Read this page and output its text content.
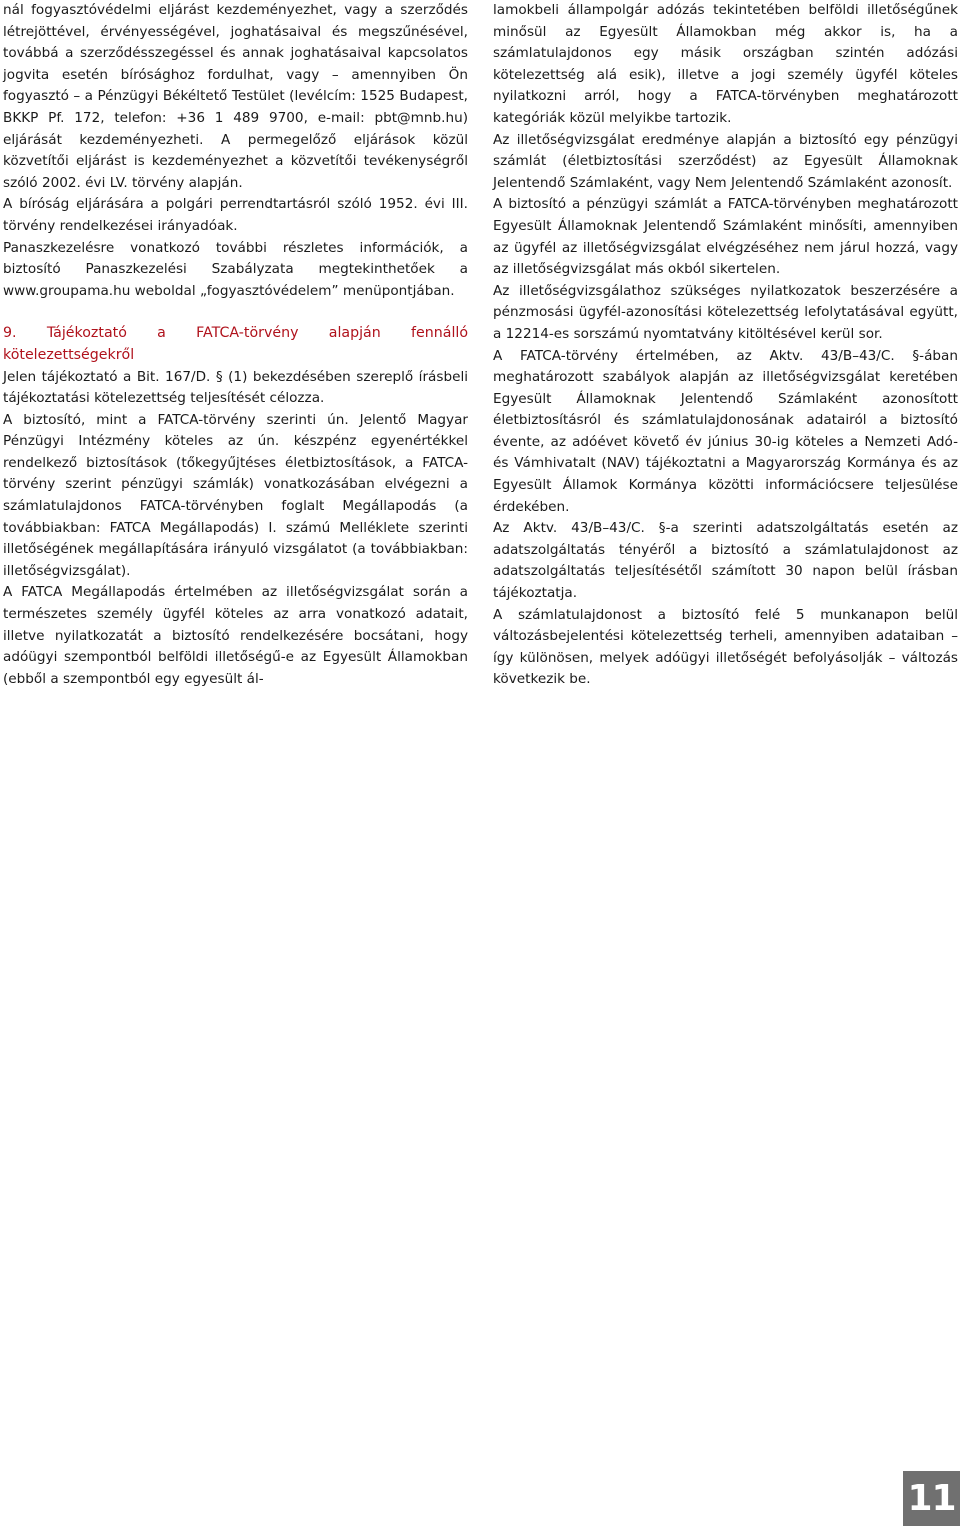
nál fogyasztóvédelmi eljárást kezdeményezhet, vagy a szerződés létrejöttével, érvényességével, joghatásaival és megszűnésével, továbbá a szerződésszegéssel és annak joghatásaival kapcsolatos jogvita esetén bírósághoz fordulhat, vagy – amennyiben Ön fogyasztó – a Pénzügyi Békéltető Testület (levélcím: 1525 Budapest, BKKP Pf. 172, telefon: +36 1 489 9700, e-mail: pbt@mnb.hu) eljárását kezdeményezheti. A permegelőző eljárások közül közvetítői eljárást is kezdeményezhet a közvetítői tevékenységről szóló 2002. évi LV. törvény alapján.

A bíróság eljárására a polgári perrendtartásról szóló 1952. évi III. törvény rendelkezései irányadóak.

Panaszkezelésre vonatkozó további részletes információk, a biztosító Panaszkezelési Szabályzata megtekinthetőek a www.groupama.hu weboldal „fogyasztóvédelem” menüpontjában.

9. Tájékoztató a FATCA-törvény alapján fennálló kötelezettségekről

Jelen tájékoztató a Bit. 167/D. § (1) bekezdésében szereplő írásbeli tájékoztatási kötelezettség teljesítését célozza.

A biztosító, mint a FATCA-törvény szerinti ún. Jelentő Magyar Pénzügyi Intézmény köteles az ún. készpénz egyenértékkel rendelkező biztosítások (tőkegyűjtéses életbiztosítások, a FATCA-törvény szerint pénzügyi számlák) vonatkozásában elvégezni a számlatulajdonos FATCA-törvényben foglalt Megállapodás (a továbbiakban: FATCA Megállapodás) I. számú Melléklete szerinti illetőségének megállapítására irányuló vizsgálatot (a továbbiakban: illetőségvizsgálat).

A FATCA Megállapodás értelmében az illetőségvizsgálat során a természetes személy ügyfél köteles az arra vonatkozó adatait, illetve nyilatkozatát a biztosító rendelkezésére bocsátani, hogy adóügyi szempontból belföldi illetőségű-e az Egyesült Államokban (ebből a szempontból egy egyesült ál-

lamokbeli állampolgár adózás tekintetében belföldi illetőségűnek minősül az Egyesült Államokban még akkor is, ha a számlatulajdonos egy másik országban szintén adózási kötelezettség alá esik), illetve a jogi személy ügyfél köteles nyilatkozni arról, hogy a FATCA-törvényben meghatározott kategóriák közül melyikbe tartozik.

Az illetőségvizsgálat eredménye alapján a biztosító egy pénzügyi számlát (életbiztosítási szerződést) az Egyesült Államoknak Jelentendő Számlaként, vagy Nem Jelentendő Számlaként azonosít.

A biztosító a pénzügyi számlát a FATCA-törvényben meghatározott Egyesült Államoknak Jelentendő Számlaként minősíti, amennyiben az ügyfél az illetőségvizsgálat elvégzéséhez nem járul hozzá, vagy az illetőségvizsgálat más okból sikertelen.

Az illetőségvizsgálathoz szükséges nyilatkozatok beszerzésére a pénzmosási ügyfél-azonosítási kötelezettség lefolytatásával együtt, a 12214-es sorszámú nyomtatvány kitöltésével kerül sor.

A FATCA-törvény értelmében, az Aktv. 43/B–43/C. §-ában meghatározott szabályok alapján az illetőségvizsgálat keretében Egyesült Államoknak Jelentendő Számlaként azonosított életbiztosításról és számlatulajdonosának adatairól a biztosító évente, az adóévet követő év június 30-ig köteles a Nemzeti Adó- és Vámhivatalt (NAV) tájékoztatni a Magyarország Kormánya és az Egyesült Államok Kormánya közötti információcsere teljesülése érdekében.

Az Aktv. 43/B–43/C. §-a szerinti adatszolgáltatás esetén az adatszolgáltatás tényéről a biztosító a számlatulajdonost az adatszolgáltatás teljesítésétől számított 30 napon belül írásban tájékoztatja.

A számlatulajdonost a biztosító felé 5 munkanapon belül változásbejelentési kötelezettség terheli, amennyiben adataiban – így különösen, melyek adóügyi illetőségét befolyásolják – változás következik be.

11
